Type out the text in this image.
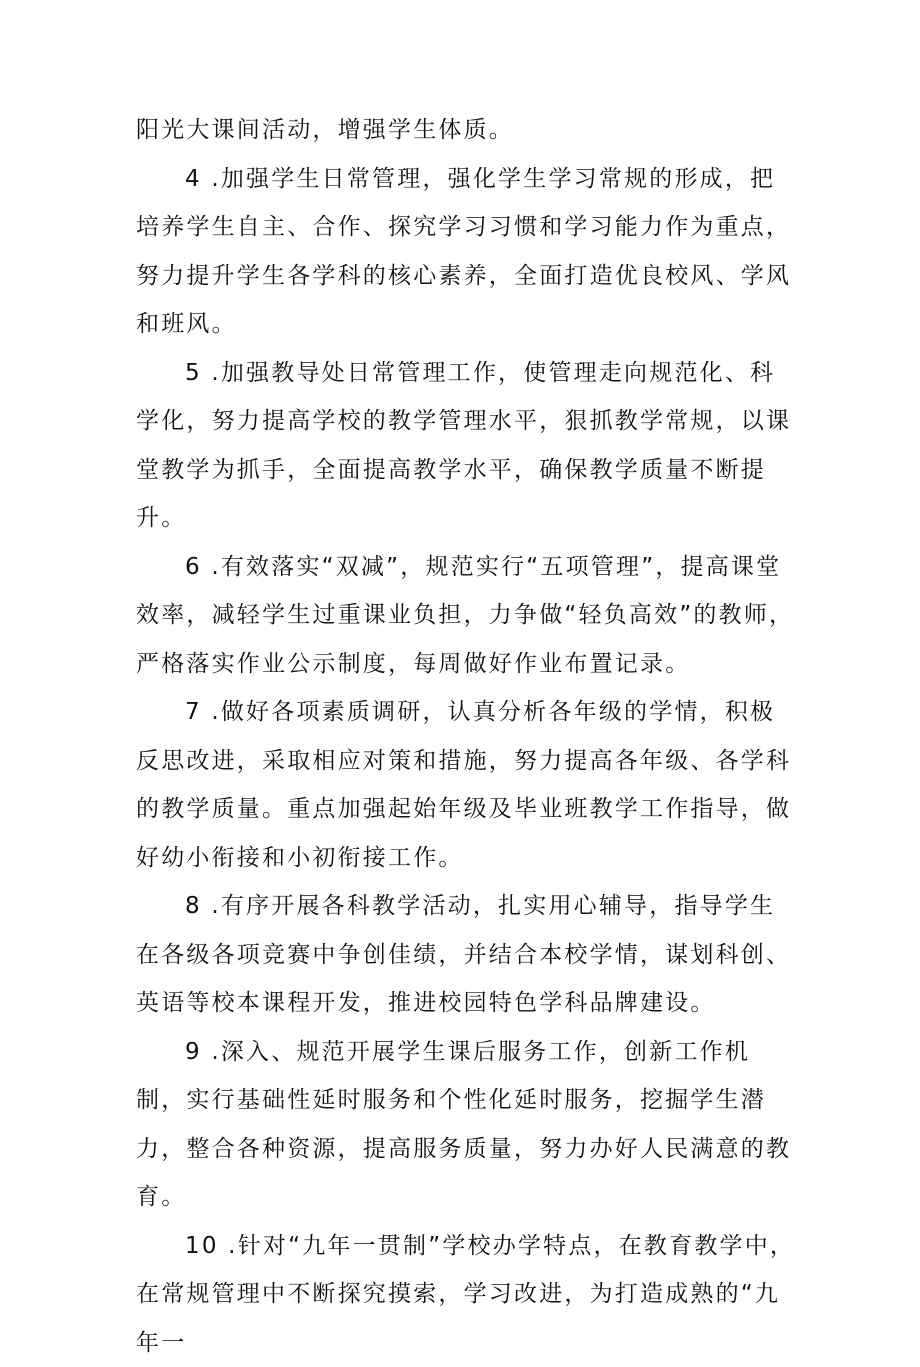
阳光大课间活动，增强学生体质。

4 .加强学生日常管理，强化学生学习常规的形成，把培养学生自主、合作、探究学习习惯和学习能力作为重点，努力提升学生各学科的核心素养，全面打造优良校风、学风和班风。

5 .加强教导处日常管理工作，使管理走向规范化、科学化，努力提高学校的教学管理水平，狠抓教学常规，以课堂教学为抓手，全面提高教学水平，确保教学质量不断提升。

6 .有效落实“双减”，规范实行“五项管理”，提高课堂效率，减轻学生过重课业负担，力争做“轻负高效”的教师，严格落实作业公示制度，每周做好作业布置记录。

7 .做好各项素质调研，认真分析各年级的学情，积极反思改进，采取相应对策和措施，努力提高各年级、各学科的教学质量。重点加强起始年级及毕业班教学工作指导，做好幼小衔接和小初衔接工作。

8 .有序开展各科教学活动，扎实用心辅导，指导学生在各级各项竞赛中争创佳绩，并结合本校学情，谋划科创、英语等校本课程开发，推进校园特色学科品牌建设。

9 .深入、规范开展学生课后服务工作，创新工作机制，实行基础性延时服务和个性化延时服务，挖掘学生潜力，整合各种资源，提高服务质量，努力办好人民满意的教育。

10 .针对“九年一贯制”学校办学特点，在教育教学中，在常规管理中不断探究摸索，学习改进，为打造成熟的“九年一
